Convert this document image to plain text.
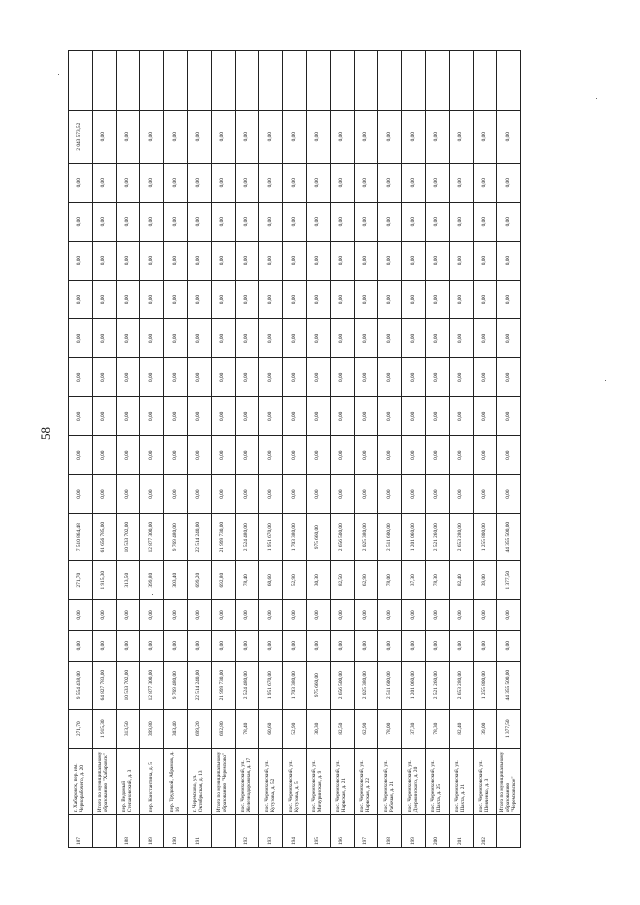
58
187	г. Хабаровск, пер. им. Чернорабочего, д. 20	271,70	9 554 438,00	0,00	0,00	271,70	7 510 864,48	0,00	0,00	0,00	0,00	0,00	0,00	0,00	0,00	0,00	2 043 573,52	
	Итого по муниципальному образованию "Хабаровск"	1 915,30	64 827 783,00	0,00	0,00	1 915,30	61 656 785,00	0,00	0,00	0,00	0,00	0,00	0,00	0,00	0,00	0,00	0,00	
188	пер. Ведомый Степановский, д. 3	313,50	10 533 702,00	0,00	0,00	313,50	10 533 702,00	0,00	0,00	0,00	0,00	0,00	0,00	0,00	0,00	0,00	0,00	
189	пер. Константина, д. 5	399,80	12 877 300,00	0,00	0,00	399,80	12 877 300,00	0,00	0,00	0,00	0,00	0,00	0,00	0,00	0,00	0,00	0,00	
190	пер. Трудовой, Абрамов, д. 16	303,40	9 769 480,00	0,00	0,00	303,40	9 769 480,00	0,00	0,00	0,00	0,00	0,00	0,00	0,00	0,00	0,00	0,00	
191	г. Черемхово, ул. Октябрьская, д. 13	699,20	22 514 240,00	0,00	0,00	699,20	22 514 240,00	0,00	0,00	0,00	0,00	0,00	0,00	0,00	0,00	0,00	0,00	
	Итого по муниципальному образованию "Черемхово"	692,80	21 999 730,00	0,00	0,00	692,80	21 999 730,00	0,00	0,00	0,00	0,00	0,00	0,00	0,00	0,00	0,00	0,00	
192	пос. Черемховский, ул. Железнодорожная, д. 17	78,40	2 524 480,00	0,00	0,00	78,40	2 524 480,00	0,00	0,00	0,00	0,00	0,00	0,00	0,00	0,00	0,00	0,00	
193	пос. Черемховский, ул. Кутузова, д. 52	60,60	1 951 670,00	0,00	0,00	60,60	1 951 670,00	0,00	0,00	0,00	0,00	0,00	0,00	0,00	0,00	0,00	0,00	
194	пос. Черемховский, ул. Кутузова, д. 5	52,90	1 703 380,00	0,00	0,00	52,90	1 703 380,00	0,00	0,00	0,00	0,00	0,00	0,00	0,00	0,00	0,00	0,00	
195	пос. Черемховский, ул. Мичуринская, д. 9	30,30	975 660,00	0,00	0,00	30,30	975 660,00	0,00	0,00	0,00	0,00	0,00	0,00	0,00	0,00	0,00	0,00	
196	пос. Черемховский, ул. Нарвская, д. 21	82,50	2 656 500,00	0,00	0,00	82,50	2 656 500,00	0,00	0,00	0,00	0,00	0,00	0,00	0,00	0,00	0,00	0,00	
197	пос. Черемховский, ул. Нарвская, д. 22	62,90	2 025 380,00	0,00	0,00	62,90	2 025 380,00	0,00	0,00	0,00	0,00	0,00	0,00	0,00	0,00	0,00	0,00	
198	пос. Черемховский, ул. Рабочая, д. 21	78,00	2 511 600,00	0,00	0,00	78,00	2 511 600,00	0,00	0,00	0,00	0,00	0,00	0,00	0,00	0,00	0,00	0,00	
199	пос. Черемховский, ул. Дзержинского, д. 20	37,30	1 201 060,00	0,00	0,00	37,30	1 201 060,00	0,00	0,00	0,00	0,00	0,00	0,00	0,00	0,00	0,00	0,00	
200	пос. Черемховский, ул. Шахта, д. 25	78,30	2 521 260,00	0,00	0,00	78,30	2 521 260,00	0,00	0,00	0,00	0,00	0,00	0,00	0,00	0,00	0,00	0,00	
201	пос. Черемховский, ул. Шахта, д. 21	82,40	2 653 280,00	0,00	0,00	82,40	2 653 280,00	0,00	0,00	0,00	0,00	0,00	0,00	0,00	0,00	0,00	0,00	
202	пос. Черемховский, ул. Шевченко, д. 3	39,00	1 255 800,00	0,00	0,00	39,00	1 255 800,00	0,00	0,00	0,00	0,00	0,00	0,00	0,00	0,00	0,00	0,00	
	Итого по муниципальному образованию "Черемховское"	1 377,50	44 355 500,00	0,00	0,00	1 377,50	44 355 500,00	0,00	0,00	0,00	0,00	0,00	0,00	0,00	0,00	0,00	0,00	
